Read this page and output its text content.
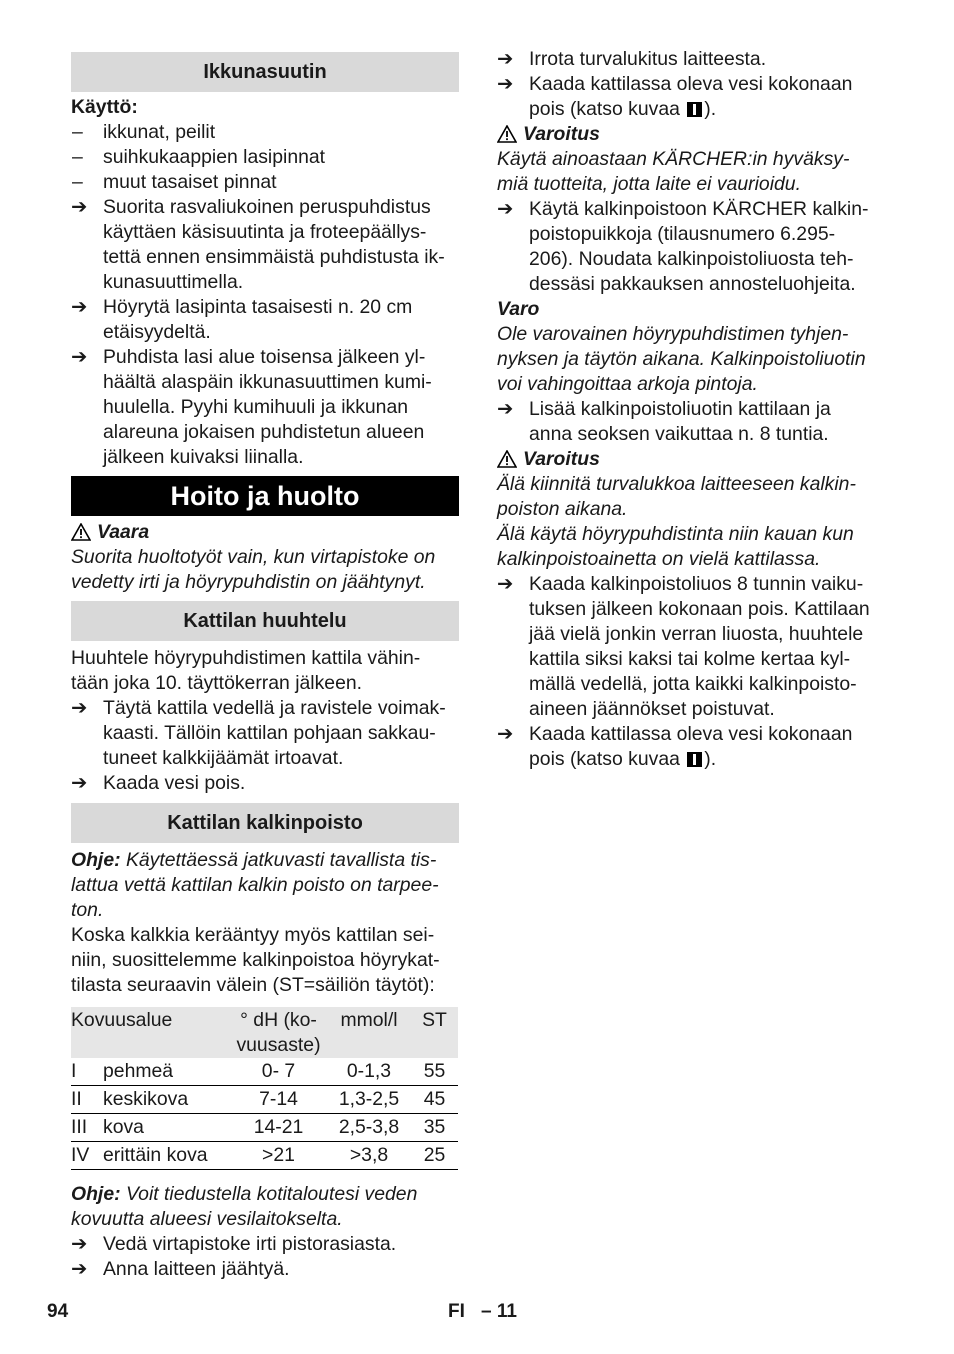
Ikkunasuutin

Käyttö:

–	ikkunat, peilit

–	suihkukaappien lasipinnat

–	muut tasaiset pinnat

➔ Suorita rasvaliukoinen peruspuhdistus

käyttäen käsisuutinta ja froteepäällys-

tettä ennen ensimmäistä puhdistusta ik-

kunasuuttimella.

➔ Höyrytä lasipinta tasaisesti n. 20 cm

etäisyydeltä.

➔ Puhdista lasi alue toisensa jälkeen yl-

häältä alaspäin ikkunasuuttimen kumi-

huulella. Pyyhi kumihuuli ja ikkunan

alareuna jokaisen puhdistetun alueen

jälkeen kuivaksi liinalla.

Hoito ja huolto

Vaara

Suorita huoltotyöt vain, kun virtapistoke on

vedetty irti ja höyrypuhdistin on jäähtynyt.

Kattilan huuhtelu

Huuhtele höyrypuhdistimen kattila vähin-

tään joka 10. täyttökerran jälkeen.

➔ Täytä kattila vedellä ja ravistele voimak-

kaasti. Tällöin kattilan pohjaan sakkau-

tuneet kalkkijäämät irtoavat.

➔ Kaada vesi pois.

Kattilan kalkinpoisto

Ohje: Käytettäessä jatkuvasti tavallista tis-

lattua vettä kattilan kalkin poisto on tarpee-

ton.

Koska kalkkia kerääntyy myös kattilan sei-

niin, suosittelemme kalkinpoistoa höyrykat-

tilasta seuraavin välein (ST=säiliön täytöt):

Kovuusalue		° dH (ko-
vuusaste)	mmol/l	ST
I	pehmeä	0- 7	0-1,3	55
II	keskikova	7-14	1,3-2,5	45
III	kova	14-21	2,5-3,8	35
IV	erittäin kova	>21	>3,8	25

Ohje: Voit tiedustella kotitaloutesi veden

kovuutta alueesi vesilaitokselta.

➔ Vedä virtapistoke irti pistorasiasta.

➔ Anna laitteen jäähtyä.

➔ Irrota turvalukitus laitteesta.

➔ Kaada kattilassa oleva vesi kokonaan

pois (katso kuvaa ).

Varoitus

Käytä ainoastaan KÄRCHER:in hyväksy-

miä tuotteita, jotta laite ei vaurioidu.

➔ Käytä kalkinpoistoon KÄRCHER kalkin-

poistopuikkoja (tilausnumero 6.295-

206). Noudata kalkinpoistoliuosta teh-

dessäsi pakkauksen annosteluohjeita.

Varo

Ole varovainen höyrypuhdistimen tyhjen-

nyksen ja täytön aikana. Kalkinpoistoliuotin

voi vahingoittaa arkoja pintoja.

➔ Lisää kalkinpoistoliuotin kattilaan ja

anna seoksen vaikuttaa n. 8 tuntia.

Varoitus

Älä kiinnitä turvalukkoa laitteeseen kalkin-

poiston aikana.

Älä käytä höyrypuhdistinta niin kauan kun

kalkinpoistoainetta on vielä kattilassa.

➔ Kaada kalkinpoistoliuos 8 tunnin vaiku-

tuksen jälkeen kokonaan pois. Kattilaan

jää vielä jonkin verran liuosta, huuhtele

kattila siksi kaksi tai kolme kertaa kyl-

mällä vedellä, jotta kaikki kalkinpoisto-

aineen jäännökset poistuvat.

➔ Kaada kattilassa oleva vesi kokonaan

pois (katso kuvaa ).

94	FI – 11
